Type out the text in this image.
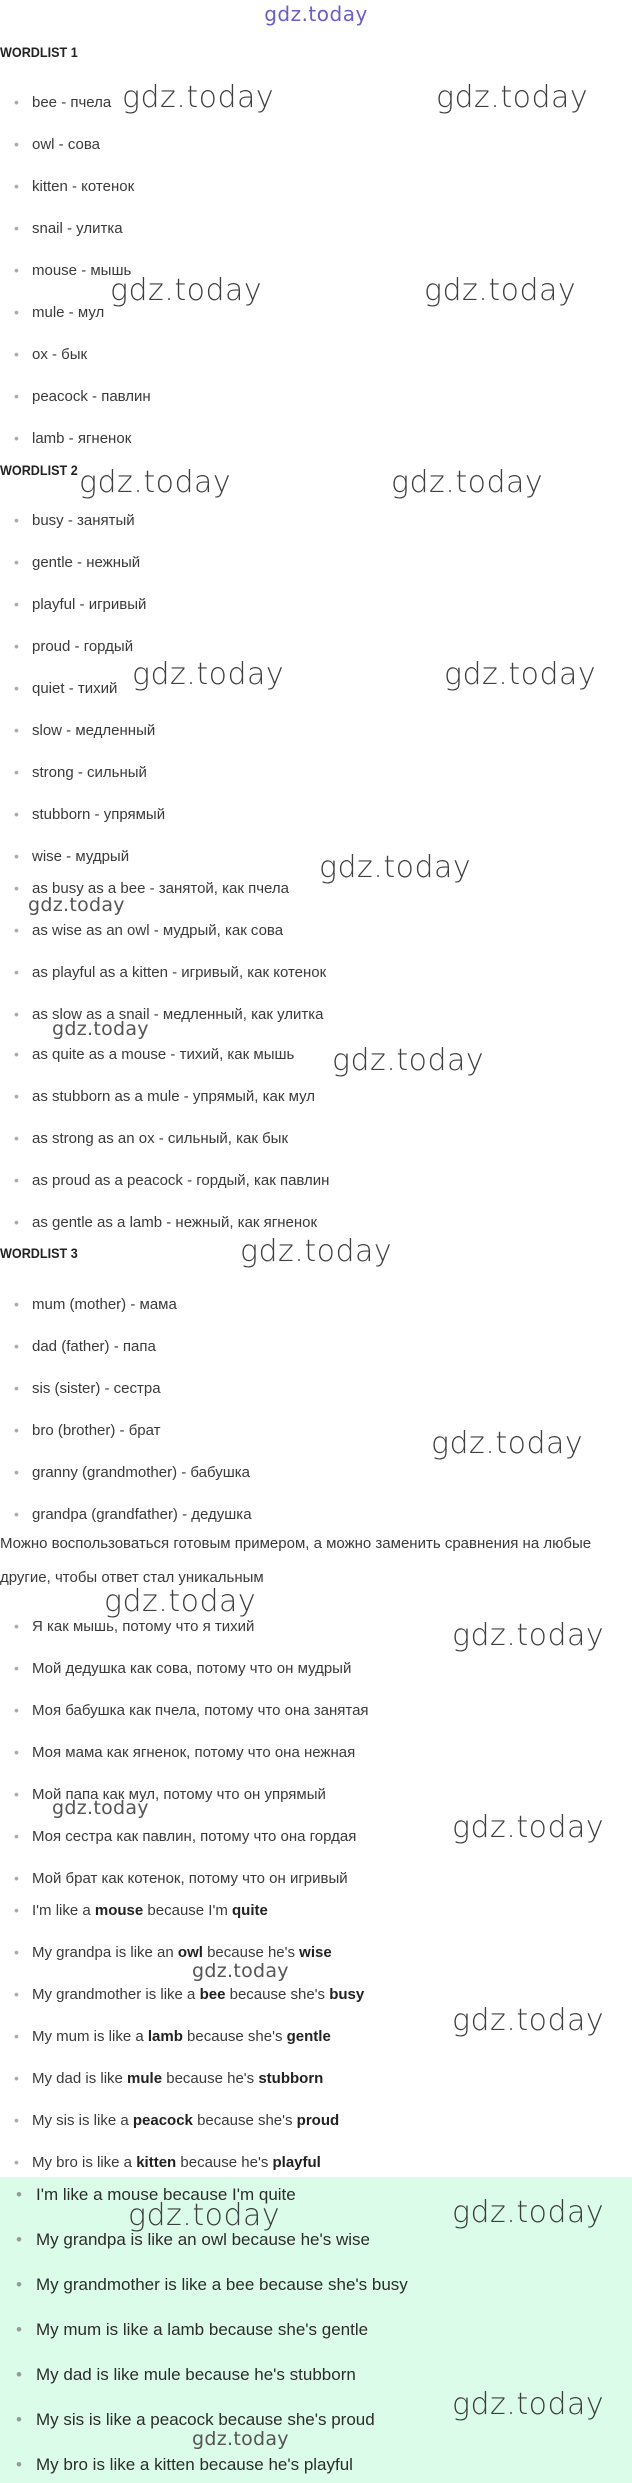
gdz.today
WORDLIST 1
bee - пчела
owl - сова
kitten - котенок
snail - улитка
mouse - мышь
mule - мул
ox - бык
peacock - павлин
lamb - ягненок
WORDLIST 2
busy - занятый
gentle - нежный
playful - игривый
proud - гордый
quiet - тихий
slow - медленный
strong - сильный
stubborn - упрямый
wise - мудрый
as busy as a bee - занятой, как пчела
as wise as an owl - мудрый, как сова
as playful as a kitten - игривый, как котенок
as slow as a snail - медленный, как улитка
as quite as a mouse - тихий, как мышь
as stubborn as a mule - упрямый, как мул
as strong as an ox - сильный, как бык
as proud as a peacock - гордый, как павлин
as gentle as a lamb - нежный, как ягненок
WORDLIST 3
mum (mother) - мама
dad (father) - папа
sis (sister) - сестра
bro (brother) - брат
granny (grandmother) - бабушка
grandpa (grandfather) - дедушка
Можно воспользоваться готовым примером, а можно заменить сравнения на любые другие, чтобы ответ стал уникальным
Я как мышь, потому что я тихий
Мой дедушка как сова, потому что он мудрый
Моя бабушка как пчела, потому что она занятая
Моя мама как ягненок, потому что она нежная
Мой папа как мул, потому что он упрямый
Моя сестра как павлин, потому что она гордая
Мой брат как котенок, потому что он игривый
I'm like a mouse because I'm quite
My grandpa is like an owl because he's wise
My grandmother is like a bee because she's busy
My mum is like a lamb because she's gentle
My dad is like mule because he's stubborn
My sis is like a peacock because she's proud
My bro is like a kitten because he's playful
I'm like a mouse because I'm quite
My grandpa is like an owl because he's wise
My grandmother is like a bee because she's busy
My mum is like a lamb because she's gentle
My dad is like mule because he's stubborn
My sis is like a peacock because she's proud
My bro is like a kitten because he's playful
gdz.today	gdz.today
gdz.today	gdz.today
gdz.today	gdz.today
gdz.today	gdz.today
gdz.today
gdz.today
gdz.today
gdz.today
gdz.today
gdz.today
gdz.today
gdz.today
gdz.today
gdz.today
gdz.today
gdz.today
gdz.today
gdz.today
gdz.today
gdz.today
